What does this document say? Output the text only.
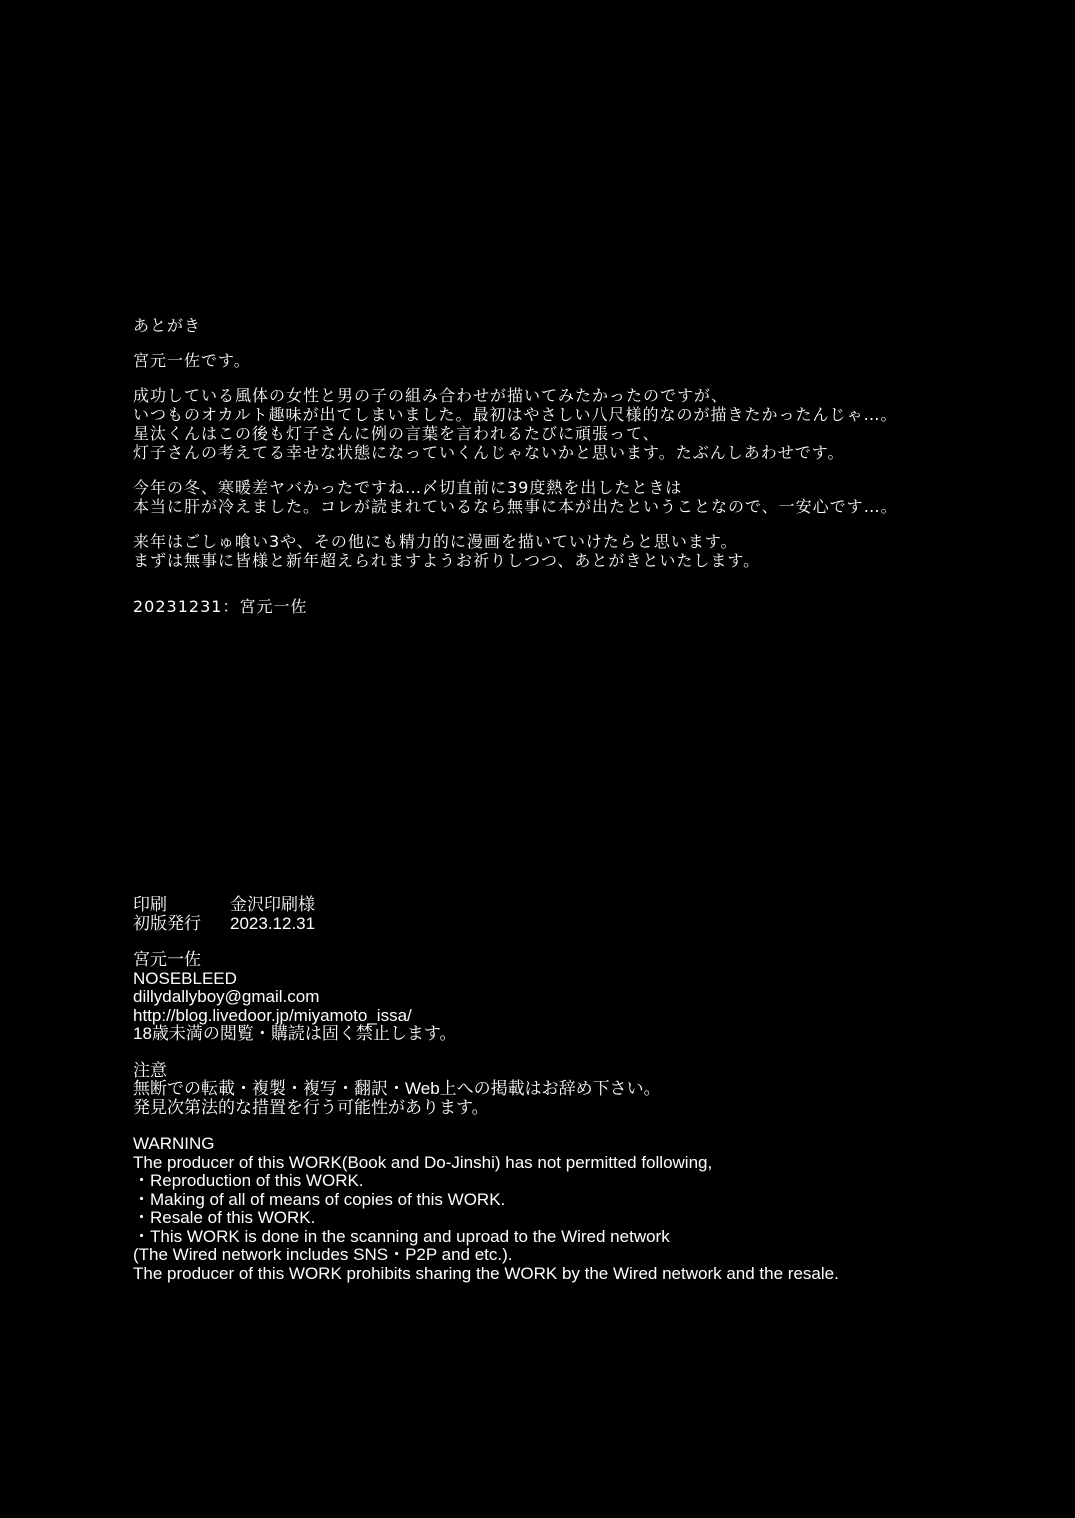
あとがき
宮元一佐です。
成功している風体の女性と男の子の組み合わせが描いてみたかったのですが、
いつものオカルト趣味が出てしまいました。最初はやさしい八尺様的なのが描きたかったんじゃ…。
星汰くんはこの後も灯子さんに例の言葉を言われるたびに頑張って、
灯子さんの考えてる幸せな状態になっていくんじゃないかと思います。たぶんしあわせです。
今年の冬、寒暖差ヤバかったですね…〆切直前に39度熱を出したときは
本当に肝が冷えました。コレが読まれているなら無事に本が出たということなので、一安心です…。
来年はごしゅ喰い3や、その他にも精力的に漫画を描いていけたらと思います。
まずは無事に皆様と新年超えられますようお祈りしつつ、あとがきといたします。
20231231：宮元一佐
印刷	金沢印刷様
初版発行 2023.12.31
宮元一佐
NOSEBLEED
dillydallyboy@gmail.com
http://blog.livedoor.jp/miyamoto_issa/
18歳未満の閲覧・購読は固く禁止します。
注意
無断での転載・複製・複写・翻訳・Web上への掲載はお辞め下さい。
発見次第法的な措置を行う可能性があります。
WARNING
The producer of this WORK(Book and Do-Jinshi) has not permitted following,
・Reproduction of this WORK.
・Making of all of means of copies of this WORK.
・Resale of this WORK.
・This WORK is done in the scanning and uproad to the Wired network
(The Wired network includes SNS・P2P and etc.).
The producer of this WORK prohibits sharing the WORK by the Wired network and the resale.
